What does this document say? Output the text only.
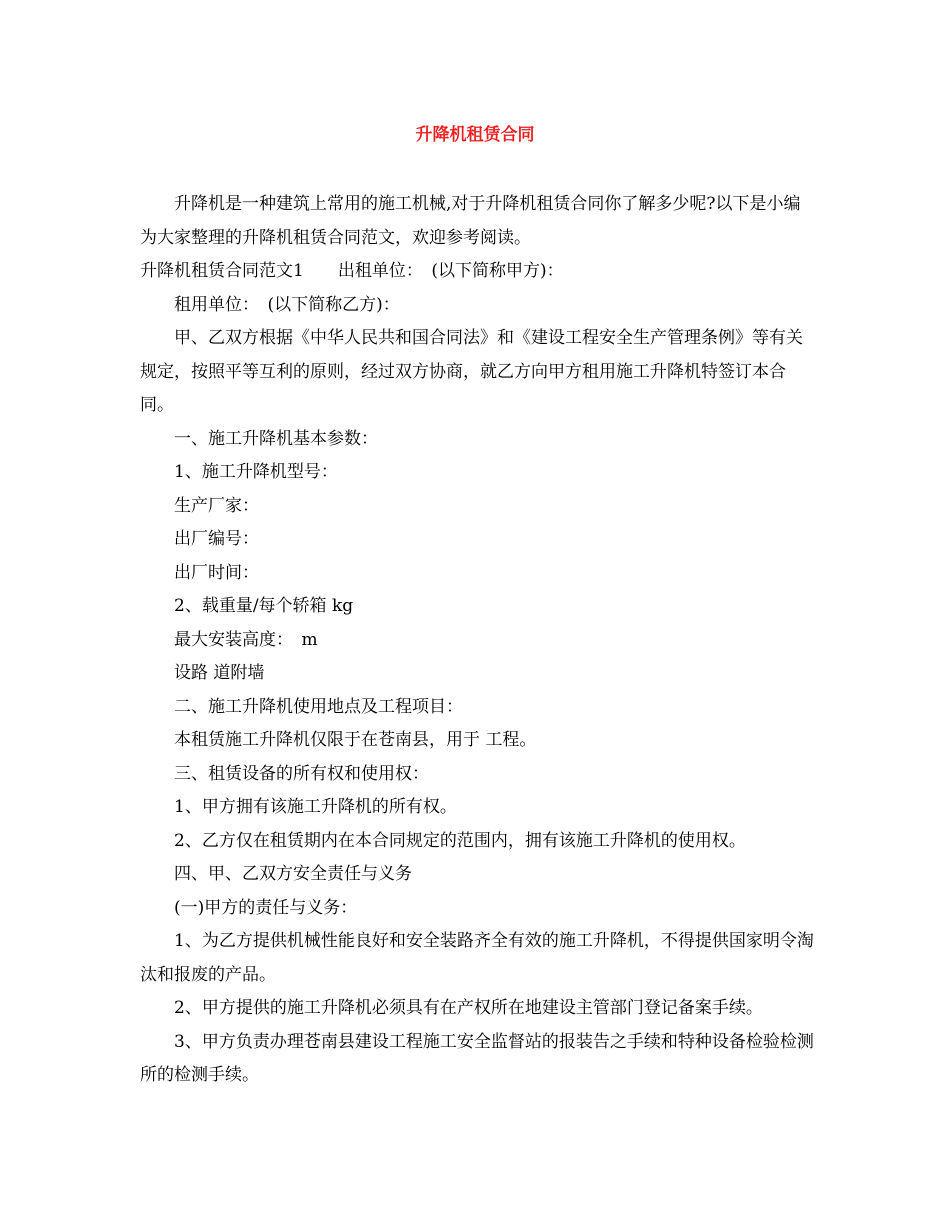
升降机租赁合同

升降机是一种建筑上常用的施工机械,对于升降机租赁合同你了解多少呢?以下是小编为大家整理的升降机租赁合同范文，欢迎参考阅读。

升降机租赁合同范文1　　出租单位：　(以下简称甲方)：

租用单位：　(以下简称乙方)：

甲、乙双方根据《中华人民共和国合同法》和《建设工程安全生产管理条例》等有关规定，按照平等互利的原则，经过双方协商，就乙方向甲方租用施工升降机特签订本合同。

一、施工升降机基本参数：

1、施工升降机型号：

生产厂家：

出厂编号：

出厂时间：

2、载重量/每个轿箱 kg

最大安装高度：　m

设路 道附墙

二、施工升降机使用地点及工程项目：

本租赁施工升降机仅限于在苍南县，用于 工程。

三、租赁设备的所有权和使用权：

1、甲方拥有该施工升降机的所有权。

2、乙方仅在租赁期内在本合同规定的范围内，拥有该施工升降机的使用权。

四、甲、乙双方安全责任与义务

(一)甲方的责任与义务：

1、为乙方提供机械性能良好和安全装路齐全有效的施工升降机，不得提供国家明令淘汰和报废的产品。

2、甲方提供的施工升降机必须具有在产权所在地建设主管部门登记备案手续。

3、甲方负责办理苍南县建设工程施工安全监督站的报装告之手续和特种设备检验检测所的检测手续。
